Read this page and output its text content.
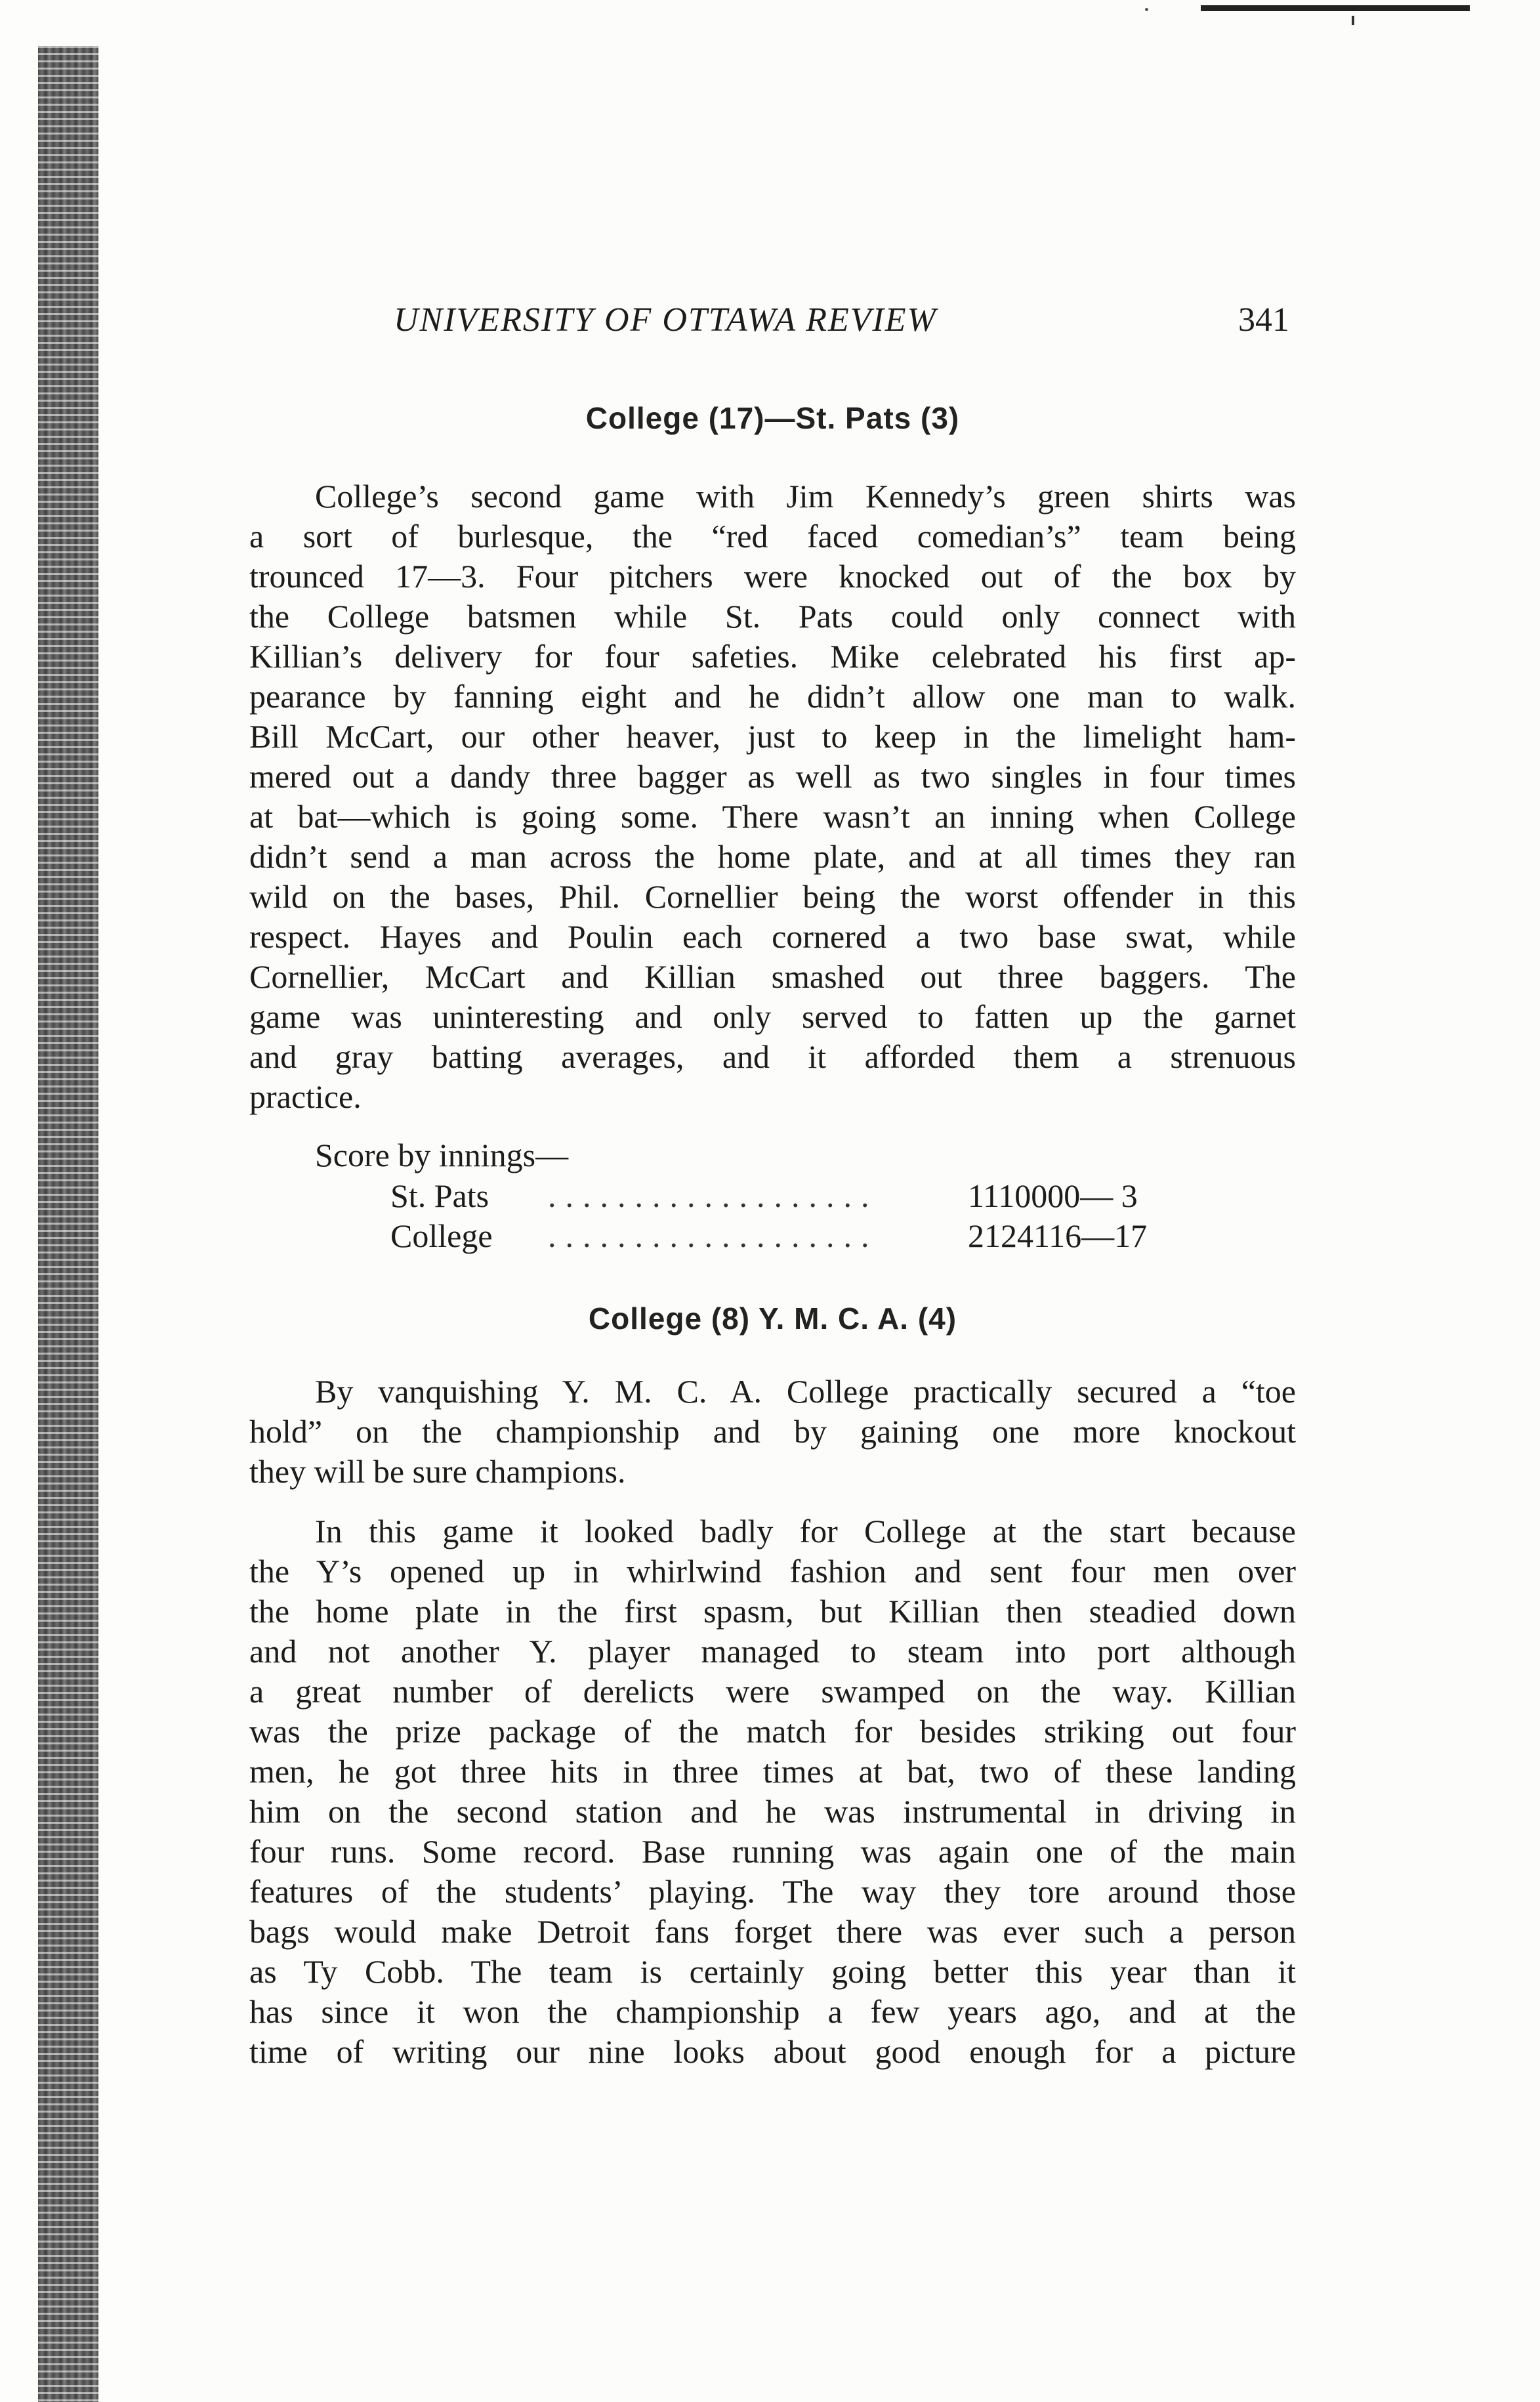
UNIVERSITY OF OTTAWA REVIEW	341
College (17)—St. Pats (3)
College’s second game with Jim Kennedy’s green shirts was
a sort of burlesque, the “red faced comedian’s” team being
trounced 17—3. Four pitchers were knocked out of the box by
the College batsmen while St. Pats could only connect with
Killian’s delivery for four safeties. Mike celebrated his first ap-
pearance by fanning eight and he didn’t allow one man to walk.
Bill McCart, our other heaver, just to keep in the limelight ham-
mered out a dandy three bagger as well as two singles in four times
at bat—which is going some. There wasn’t an inning when College
didn’t send a man across the home plate, and at all times they ran
wild on the bases, Phil. Cornellier being the worst offender in this
respect. Hayes and Poulin each cornered a two base swat, while
Cornellier, McCart and Killian smashed out three baggers. The
game was uninteresting and only served to fatten up the garnet
and gray batting averages, and it afforded them a strenuous
practice.
Score by innings—
St. Pats ...................	1110000— 3
College ...................	2124116—17
College (8) Y. M. C. A. (4)
By vanquishing Y. M. C. A. College practically secured a “toe
hold” on the championship and by gaining one more knockout
they will be sure champions.
In this game it looked badly for College at the start because
the Y’s opened up in whirlwind fashion and sent four men over
the home plate in the first spasm, but Killian then steadied down
and not another Y. player managed to steam into port although
a great number of derelicts were swamped on the way. Killian
was the prize package of the match for besides striking out four
men, he got three hits in three times at bat, two of these landing
him on the second station and he was instrumental in driving in
four runs. Some record. Base running was again one of the main
features of the students’ playing. The way they tore around those
bags would make Detroit fans forget there was ever such a person
as Ty Cobb. The team is certainly going better this year than it
has since it won the championship a few years ago, and at the
time of writing our nine looks about good enough for a picture
